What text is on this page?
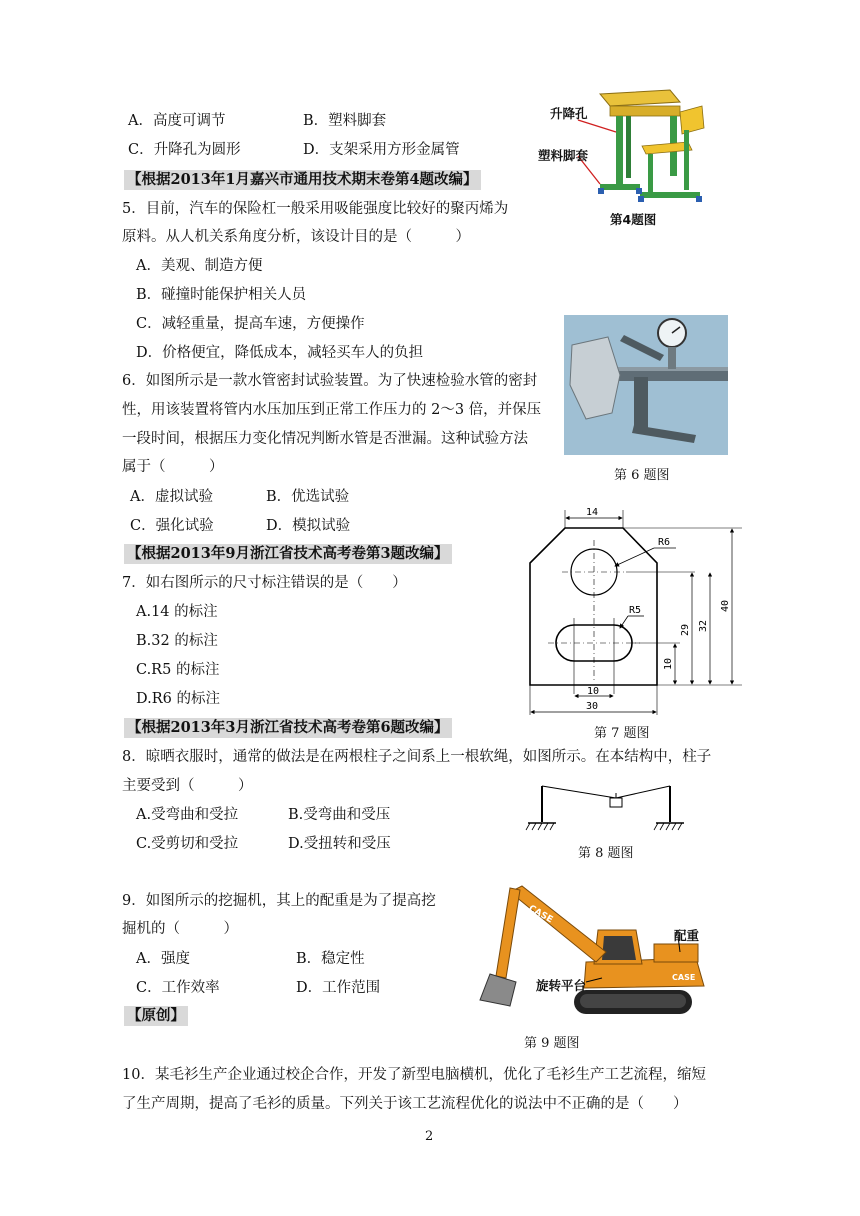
A．高度可调节	B．塑料脚套
C．升降孔为圆形	D．支架采用方形金属管
升降孔
塑料脚套
第4题图
【根据2013年1月嘉兴市通用技术期末卷第4题改编】
5．目前，汽车的保险杠一般采用吸能强度比较好的聚丙烯为
原料。从人机关系角度分析，该设计目的是（　　　）
A．美观、制造方便
B．碰撞时能保护相关人员
C．减轻重量，提高车速，方便操作
D．价格便宜，降低成本，减轻买车人的负担
第 6 题图
6．如图所示是一款水管密封试验装置。为了快速检验水管的密封
性，用该装置将管内水压加压到正常工作压力的 2～3 倍，并保压
一段时间，根据压力变化情况判断水管是否泄漏。这种试验方法
属于（　　　）
A．虚拟试验	B．优选试验
C．强化试验	D．模拟试验
【根据2013年9月浙江省技术高考卷第3题改编】
7．如右图所示的尺寸标注错误的是（　　）
A.14 的标注
B.32 的标注
C.R5 的标注
D.R6 的标注
14
R6
R5
10
29 32
40
10
30
第 7 题图
【根据2013年3月浙江省技术高考卷第6题改编】
8．晾晒衣服时，通常的做法是在两根柱子之间系上一根软绳，如图所示。在本结构中，柱子
主要受到（　　　）
A.受弯曲和受拉	B.受弯曲和受压
C.受剪切和受拉	D.受扭转和受压
第 8 题图
9．如图所示的挖掘机，其上的配重是为了提高挖
掘机的（　　　）
A．强度	B．稳定性
C．工作效率	D．工作范围
【原创】
CASE
CASE
配重
旋转平台
第 9 题图
10．某毛衫生产企业通过校企合作，开发了新型电脑横机，优化了毛衫生产工艺流程，缩短
了生产周期，提高了毛衫的质量。下列关于该工艺流程优化的说法中不正确的是（　　）
2
